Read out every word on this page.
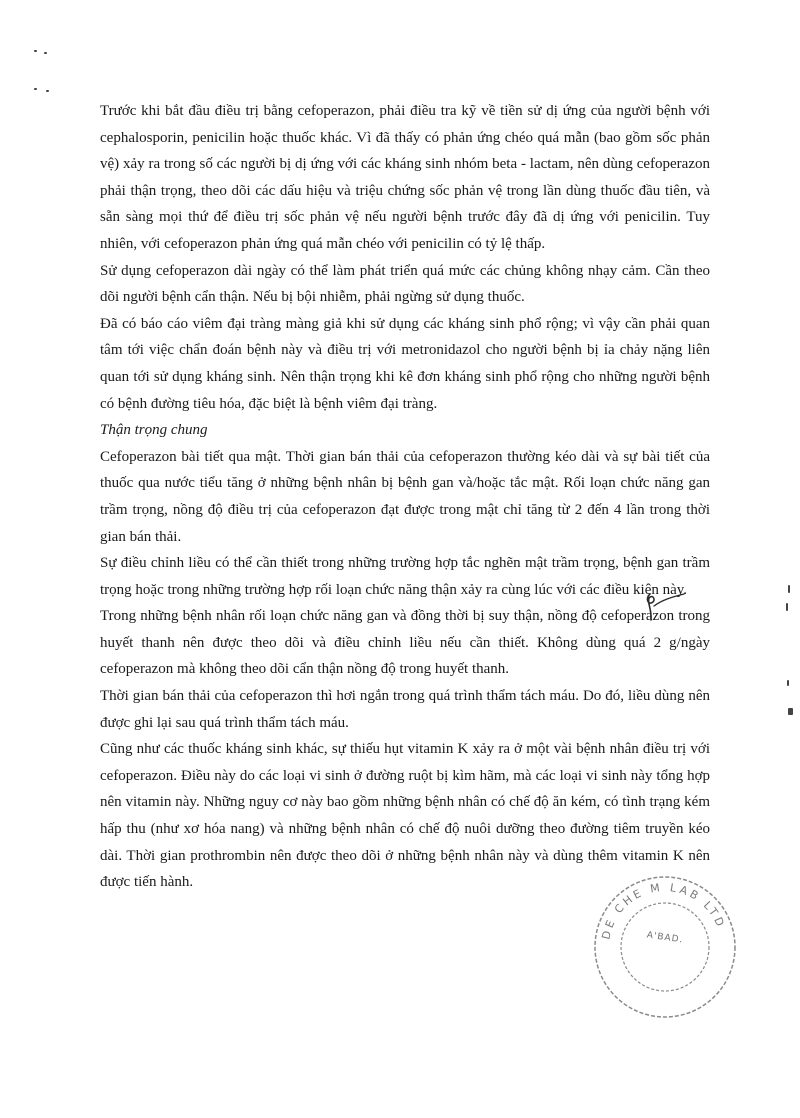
Trước khi bắt đầu điều trị bằng cefoperazon, phải điều tra kỹ về tiền sử dị ứng của người bệnh với cephalosporin, penicilin hoặc thuốc khác. Vì đã thấy có phản ứng chéo quá mẫn (bao gồm sốc phản vệ) xảy ra trong số các người bị dị ứng với các kháng sinh nhóm beta - lactam, nên dùng cefoperazon phải thận trọng, theo dõi các dấu hiệu và triệu chứng sốc phản vệ trong lần dùng thuốc đầu tiên, và sẵn sàng mọi thứ để điều trị sốc phản vệ nếu người bệnh trước đây đã dị ứng với penicilin. Tuy nhiên, với cefoperazon phản ứng quá mẫn chéo với penicilin có tỷ lệ thấp.

Sử dụng cefoperazon dài ngày có thể làm phát triển quá mức các chủng không nhạy cảm. Cần theo dõi người bệnh cẩn thận. Nếu bị bội nhiễm, phải ngừng sử dụng thuốc.

Đã có báo cáo viêm đại tràng màng giả khi sử dụng các kháng sinh phổ rộng; vì vậy cần phải quan tâm tới việc chẩn đoán bệnh này và điều trị với metronidazol cho người bệnh bị ỉa chảy nặng liên quan tới sử dụng kháng sinh. Nên thận trọng khi kê đơn kháng sinh phổ rộng cho những người bệnh có bệnh đường tiêu hóa, đặc biệt là bệnh viêm đại tràng.

Thận trọng chung

Cefoperazon bài tiết qua mật. Thời gian bán thải của cefoperazon thường kéo dài và sự bài tiết của thuốc qua nước tiểu tăng ở những bệnh nhân bị bệnh gan và/hoặc tắc mật. Rối loạn chức năng gan trầm trọng, nồng độ điều trị của cefoperazon đạt được trong mật chỉ tăng từ 2 đến 4 lần trong thời gian bán thải.

Sự điều chỉnh liều có thể cần thiết trong những trường hợp tắc nghẽn mật trầm trọng, bệnh gan trầm trọng hoặc trong những trường hợp rối loạn chức năng thận xảy ra cùng lúc với các điều kiện này.

Trong những bệnh nhân rối loạn chức năng gan và đồng thời bị suy thận, nồng độ cefoperazon trong huyết thanh nên được theo dõi và điều chỉnh liều nếu cần thiết. Không dùng quá 2 g/ngày cefoperazon mà không theo dõi cẩn thận nồng độ trong huyết thanh.

Thời gian bán thải của cefoperazon thì hơi ngắn trong quá trình thẩm tách máu. Do đó, liều dùng nên được ghi lại sau quá trình thẩm tách máu.

Cũng như các thuốc kháng sinh khác, sự thiếu hụt vitamin K xảy ra ở một vài bệnh nhân điều trị với cefoperazon. Điều này do các loại vi sinh ở đường ruột bị kìm hãm, mà các loại vi sinh này tổng hợp nên vitamin này. Những nguy cơ này bao gồm những bệnh nhân có chế độ ăn kém, có tình trạng kém hấp thu (như xơ hóa nang) và những bệnh nhân có chế độ nuôi dưỡng theo đường tiêm truyền kéo dài. Thời gian prothrombin nên được theo dõi ở những bệnh nhân này và dùng thêm vitamin K nên được tiến hành.

DE CHE M LAB LTD
A'BAD.
